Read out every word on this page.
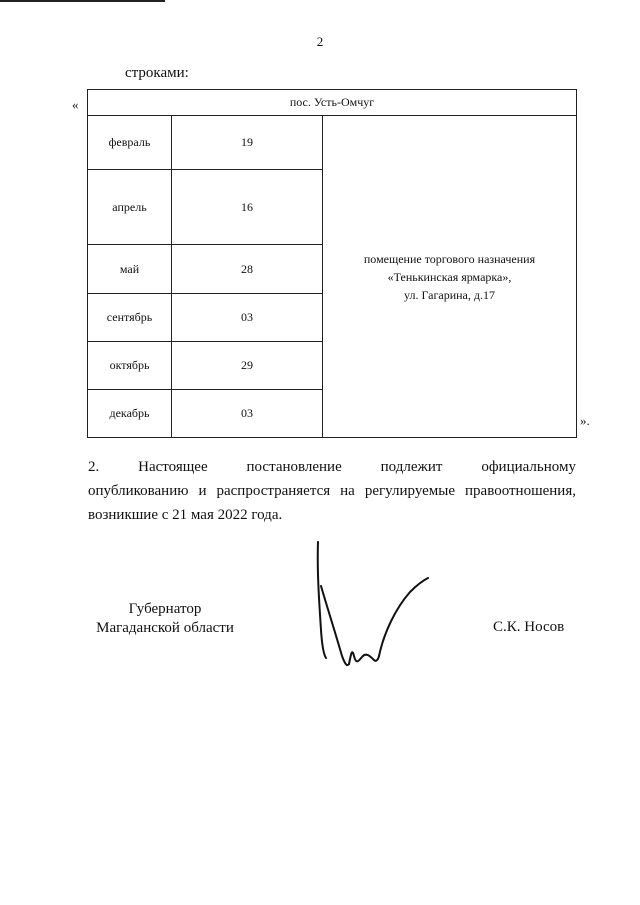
2
строками:
«
».
пос. Усть-Омчуг		
февраль	19	помещение торгового назначения
«Тенькинская ярмарка»,
ул. Гагарина, д.17

апрель	16	
май	28	
сентябрь	03	
октябрь	29	
декабрь	03	
2. Настоящее постановление подлежит официальному
опубликованию и распространяется на регулируемые правоотношения,
возникшие с 21 мая 2022 года.
Губернатор
Магаданской области	С.К. Носов
